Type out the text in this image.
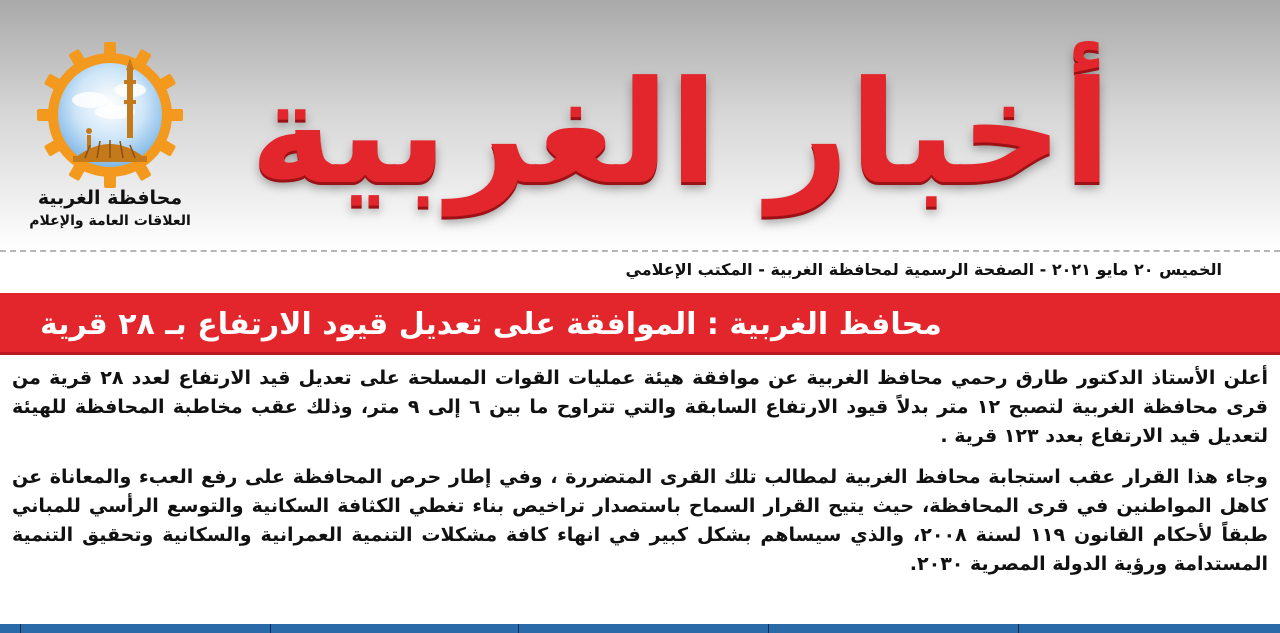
أخبار الغربية
محافظة الغربية
العلاقات العامة والإعلام
الخميس ٢٠ مايو ٢٠٢١ - الصفحة الرسمية لمحافظة الغربية - المكتب الإعلامي
محافظ الغربية : الموافقة على تعديل قيود الارتفاع بـ ٢٨ قرية

أعلن الأستاذ الدكتور طارق رحمي محافظ الغربية عن موافقة هيئة عمليات القوات المسلحة على تعديل قيد الارتفاع لعدد ٢٨ قرية من قرى محافظة الغربية لتصبح ١٢ متر بدلاً قيود الارتفاع السابقة والتي تتراوح ما بين ٦ إلى ٩ متر، وذلك عقب مخاطبة المحافظة للهيئة لتعديل قيد الارتفاع بعدد ١٢٣ قرية .

وجاء هذا القرار عقب استجابة محافظ الغربية لمطالب تلك القرى المتضررة ، وفي إطار حرص المحافظة على رفع العبء والمعاناة عن كاهل المواطنين في قرى المحافظة، حيث يتيح القرار السماح باستصدار تراخيص بناء تغطي الكثافة السكانية والتوسع الرأسي للمباني طبقاً لأحكام القانون ١١٩ لسنة ٢٠٠٨، والذي سيساهم بشكل كبير في انهاء كافة مشكلات التنمية العمرانية والسكانية وتحقيق التنمية المستدامة ورؤية الدولة المصرية ٢٠٣٠.
